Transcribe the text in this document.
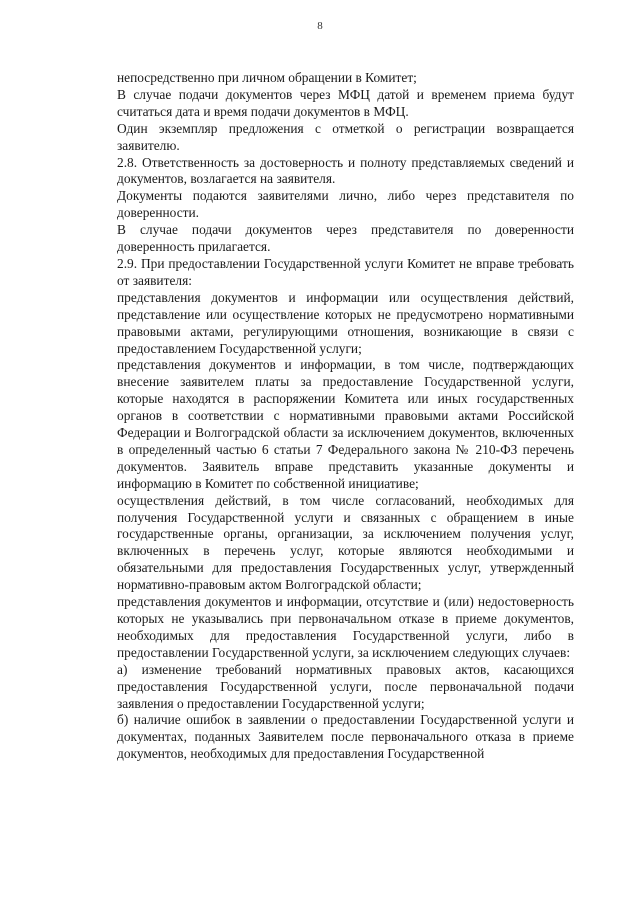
8

непосредственно при личном обращении в Комитет;

В случае подачи документов через МФЦ датой и временем приема будут считаться дата и время подачи документов в МФЦ.

Один экземпляр предложения с отметкой о регистрации возвращается заявителю.

2.8. Ответственность за достоверность и полноту представляемых сведений и документов, возлагается на заявителя.

Документы подаются заявителями лично, либо через представителя по доверенности.

В случае подачи документов через представителя по доверенности доверенность прилагается.

2.9. При предоставлении Государственной услуги Комитет не вправе требовать от заявителя:

представления документов и информации или осуществления действий, представление или осуществление которых не предусмотрено нормативными правовыми актами, регулирующими отношения, возникающие в связи с предоставлением Государственной услуги;

представления документов и информации, в том числе, подтверждающих внесение заявителем платы за предоставление Государственной услуги, которые находятся в распоряжении Комитета или иных государственных органов в соответствии с нормативными правовыми актами Российской Федерации и Волгоградской области за исключением документов, включенных в определенный частью 6 статьи 7 Федерального закона № 210-ФЗ перечень документов. Заявитель вправе представить указанные документы и информацию в Комитет по собственной инициативе;

осуществления действий, в том числе согласований, необходимых для получения Государственной услуги и связанных с обращением в иные государственные органы, организации, за исключением получения услуг, включенных в перечень услуг, которые являются необходимыми и обязательными для предоставления Государственных услуг, утвержденный нормативно-правовым актом Волгоградской области;

представления документов и информации, отсутствие и (или) недостоверность которых не указывались при первоначальном отказе в приеме документов, необходимых для предоставления Государственной услуги, либо в предоставлении Государственной услуги, за исключением следующих случаев:

а) изменение требований нормативных правовых актов, касающихся предоставления Государственной услуги, после первоначальной подачи заявления о предоставлении Государственной услуги;

б) наличие ошибок в заявлении о предоставлении Государственной услуги и документах, поданных Заявителем после первоначального отказа в приеме документов, необходимых для предоставления Государственной
